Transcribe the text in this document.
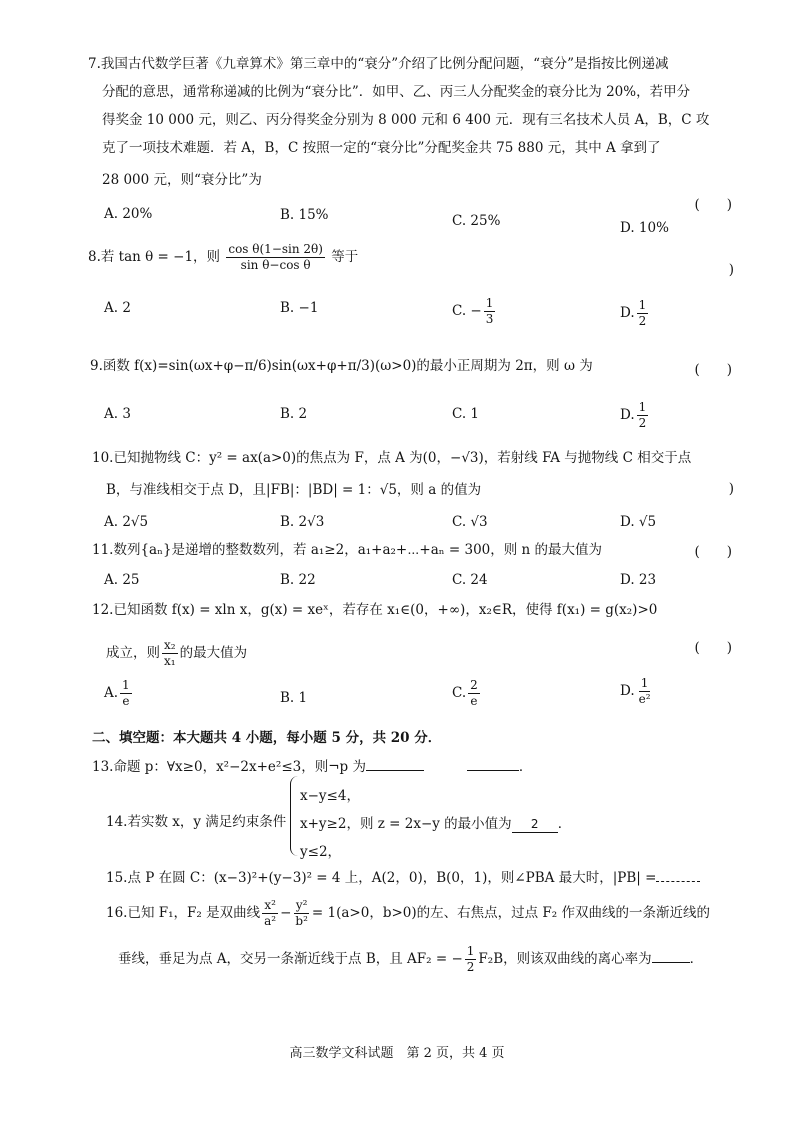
7.我国古代数学巨著《九章算术》第三章中的“衰分”介绍了比例分配问题，“衰分”是指按比例递减
分配的意思，通常称递减的比例为“衰分比”．如甲、乙、丙三人分配奖金的衰分比为 20%，若甲分
得奖金 10 000 元，则乙、丙分得奖金分别为 8 000 元和 6 400 元．现有三名技术人员 A，B，C 攻
克了一项技术难题．若 A，B，C 按照一定的“衰分比”分配奖金共 75 880 元，其中 A 拿到了
28 000 元，则“衰分比”为
(　　)
A. 20%	B. 15%	C. 25%	D. 10%
8.若 tan θ = −1，则 $\frac{\text{cos θ(1−sin 2θ)}}{\text{sin θ−cos θ}}$ 等于
)
A. 2	B. −1	C. − $\frac{1}{3}$	D. $\frac{1}{2}$
9.函数 f(x)=sin(ωx+φ−π/6)sin(ωx+φ+π/3)(ω>0)的最小正周期为 2π，则 ω 为	(　　)
A. 3	B. 2	C. 1	D. $\frac{1}{2}$
10.已知抛物线 C：y² = ax(a>0)的焦点为 F，点 A 为(0，−√3)，若射线 FA 与抛物线 C 相交于点
B，与准线相交于点 D，且|FB|：|BD| = 1：√5，则 a 的值为	)
A. 2√5	B. 2√3	C. √3	D. √5
11.数列{aₙ}是递增的整数数列，若 a₁≥2，a₁+a₂+⋯+aₙ = 300，则 n 的最大值为	(　　)
A. 25	B. 22	C. 24	D. 23
12.已知函数 f(x) = xln x，g(x) = xeˣ，若存在 x₁∈(0，+∞)，x₂∈R，使得 f(x₁) = g(x₂)>0
成立，则 $\frac{\text{x₂}}{\text{x₁}}$ 的最大值为	(　　)
A. $\frac{1}{e}$	B. 1	C. $\frac{2}{e}$	D. $\frac{1}{\text{e²}}$
二、填空题：本大题共 4 小题，每小题 5 分，共 20 分．
13.命题 p：∀x≥0，x²−2x+e²≤3，则¬p 为	．
14.若实数 x，y 满足约束条件
x−y≤4，
x+y≥2，则 z = 2x−y 的最小值为 2 ．
y≤2，
15.点 P 在圆 C：(x−3)²+(y−3)² = 4 上，A(2，0)，B(0，1)，则∠PBA 最大时，|PB| =
16.已知 F₁，F₂ 是双曲线 $\frac{\text{x²}}{\text{a²}} - \frac{\text{y²}}{\text{b²}} = 1(a>0$，b>0)的左、右焦点，过点 F₂ 作双曲线的一条渐近线的
垂线，垂足为点 A，交另一条渐近线于点 B，且 AF₂ = − $\frac{1}{2} F_2B$，则该双曲线的离心率为	．
高三数学文科试题　第 2 页，共 4 页
